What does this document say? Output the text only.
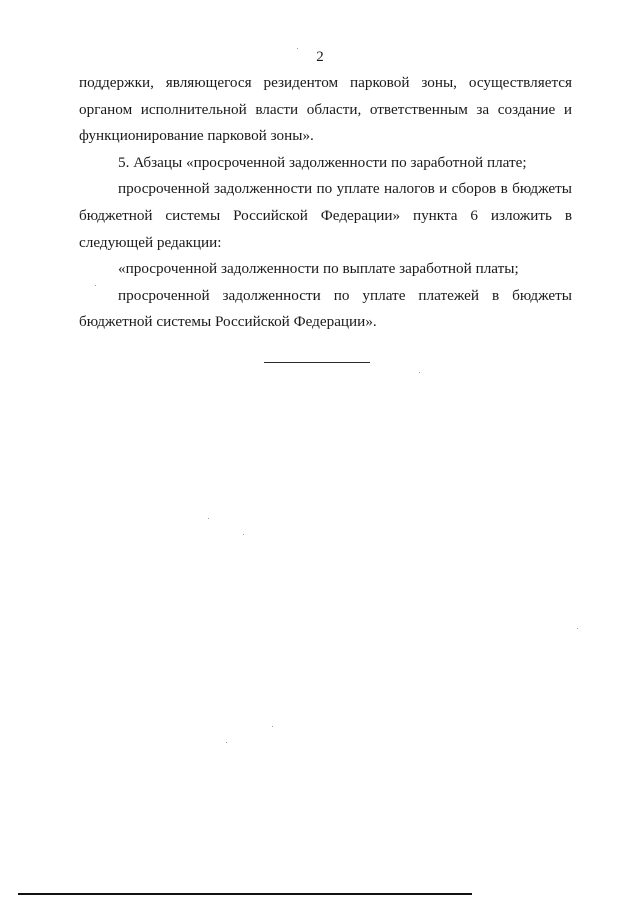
2

поддержки, являющегося резидентом парковой зоны, осуществляется органом исполнительной власти области, ответственным за создание и функционирование парковой зоны».

5. Абзацы «просроченной задолженности по заработной плате;

просроченной задолженности по уплате налогов и сборов в бюджеты бюджетной системы Российской Федерации» пункта 6 изложить в следующей редакции:

«просроченной задолженности по выплате заработной платы;

просроченной задолженности по уплате платежей в бюджеты бюджетной системы Российской Федерации».
